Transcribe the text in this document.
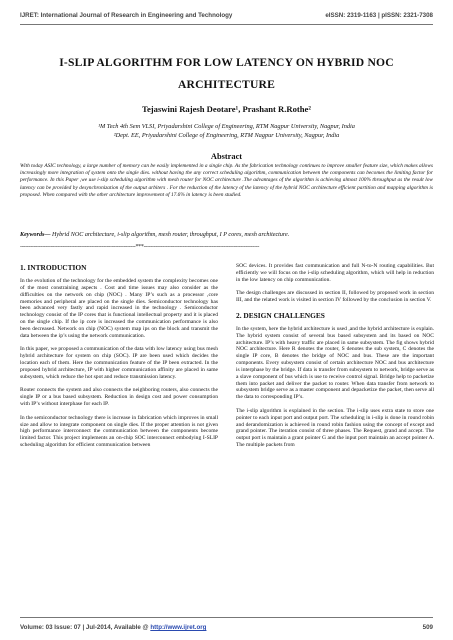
IJRET: International Journal of Research in Engineering and Technology	eISSN: 2319-1163 | pISSN: 2321-7308
I-SLIP ALGORITHM FOR LOW LATENCY ON HYBRID NOC
ARCHITECTURE
Tejaswini Rajesh Deotare¹, Prashant R.Rothe²
¹M Tech 4th Sem VLSI, Priyadarshini College of Engineering, RTM Nagpur University, Nagpur, India
²Dept. EE, Priyadarshini College of Engineering, RTM Nagpur University, Nagpur, India
Abstract
With today ASIC technology, a large number of memory can be easily implemented in a single chip. As the fabrication technology continues to improve smaller feature size, which makes allows increasingly more integration of system onto the single dies. without having the any correct scheduling algorithm, communication between the components can becomes the limiting factor for performance. In this Paper ,we use i-slip scheduling algorithm with mesh router for NOC architecture .The advantages of the algorithm is achieving almost 100% throughput as the result low latency can be provided by desynchronization of the output arbiters . For the reduction of the latency of the latency of the hybrid NOC architecture efficient partition and mapping algorithm is proposed. When compared with the other architecture improvement of 17.6% in latency is been studied.
Keywords— Hybrid NOC architecture, i-slip algorithm, mesh router, throughput, I P cores, mesh architecture.
--------------------------------------------------------------------***--------------------------------------------------------------------
1. INTRODUCTION

In the evolution of the technology for the embedded system the complexity becomes one of the most constraining aspects . Cost and time issues may also consider as the difficulties on the network on chip (NOC) . Many IP’s such as a processor ,core memories and peripheral are placed on the single dies. Semiconductor technology has been advanced very fastly and rapid increased in the technology . Semiconductor technology consist of the IP cores that is functional intellectual property and it is placed on the single chip. If the ip core is increased the communication performance is also been decreased. Network on chip (NOC) system map ips on the block and transmit the data between the ip’s using the network communication.

In this paper, we proposed a communication of the data with low latency using bus mesh hybrid architecture for system on chip (SOC). IP are been used which decides the location each of them. Here the communication feature of the IP been extracted. In the proposed hybrid architecture, IP with higher communication affinity are placed in same subsystem, which reduce the hot spot and reduce transmission latency.

Router connects the system and also connects the neighboring routers, also connects the single IP or a bus based subsystem. Reduction in design cost and power consumption with IP’s without interphase for each IP.

In the semiconductor technology there is increase in fabrication which improves in small size and allow to integrate component on single dies. If the proper attention is not given high performance interconnect the communication between the components become limited factor. This project implements an on-chip SOC interconnect embodying I-SLIP scheduling algorithm for efficient communication between

SOC devices. It provides fast communication and full N-to-N routing capabilities. But efficiently we will focus on the i-slip scheduling algorithm, which will help in reduction in the low latency on chip communication.

The design challenges are discussed in section II, followed by proposed work in section III, and the related work is visited in section IV followed by the conclusion in section V.

2. DESIGN CHALLENGES

In the system, here the hybrid architecture is used ,and the hybrid architecture is explain. The hybrid system consist of several bus based subsystem and its based on NOC architecture. IP’s with heavy traffic are placed in same subsystem. The fig shows hybrid NOC architecture. Here R denotes the router, S denotes the sub system, C denotes the single IP core, B denotes the bridge of NOC and bus. These are the important components. Every subsystem consist of certain architecture NOC and bus architecture is interphase by the bridge. If data is transfer from subsystem to network, bridge serve as a slave component of bus which is use to receive control signal. Bridge help to packetize them into packet and deliver the packet to router. When data transfer from network to subsystem bridge serve as a master component and depacketize the packet, then serve all the data to corresponding IP’s.

The i-slip algorithm is explained in the section. The i-slip uses extra state to store one pointer to each input port and output port. The scheduling in i-slip is done in round robin and derandomization is achieved in round robin fashion using the concept of except and grand pointer. The iteration consist of three phases. The Request, grand and accept. The output port is maintain a grant pointer G and the input port maintain an accept pointer A. The multiple packets from

Volume: 03 Issue: 07 | Jul-2014, Available @ http://www.ijret.org	509
